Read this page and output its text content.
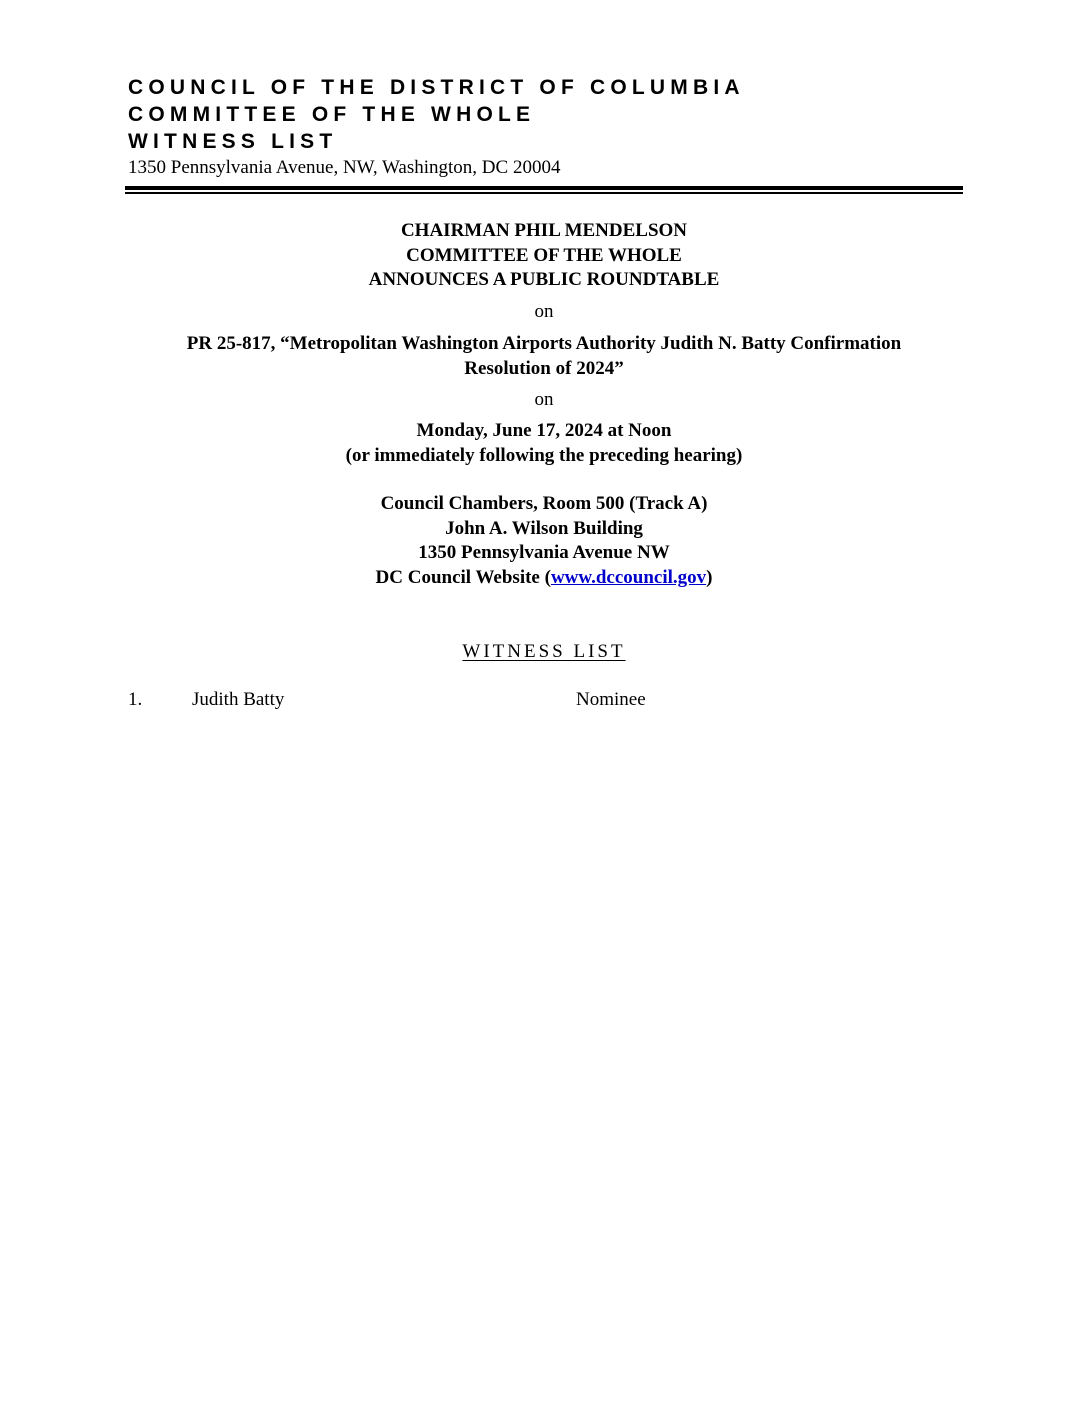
COUNCIL OF THE DISTRICT OF COLUMBIA
COMMITTEE OF THE WHOLE
WITNESS LIST
1350 Pennsylvania Avenue, NW, Washington, DC 20004
CHAIRMAN PHIL MENDELSON
COMMITTEE OF THE WHOLE
ANNOUNCES A PUBLIC ROUNDTABLE
on
PR 25-817, “Metropolitan Washington Airports Authority Judith N. Batty Confirmation
Resolution of 2024”
on
Monday, June 17, 2024 at Noon
(or immediately following the preceding hearing)
Council Chambers, Room 500 (Track A)
John A. Wilson Building
1350 Pennsylvania Avenue NW
DC Council Website (www.dccouncil.gov)
WITNESS LIST
1.	Judith Batty	Nominee
